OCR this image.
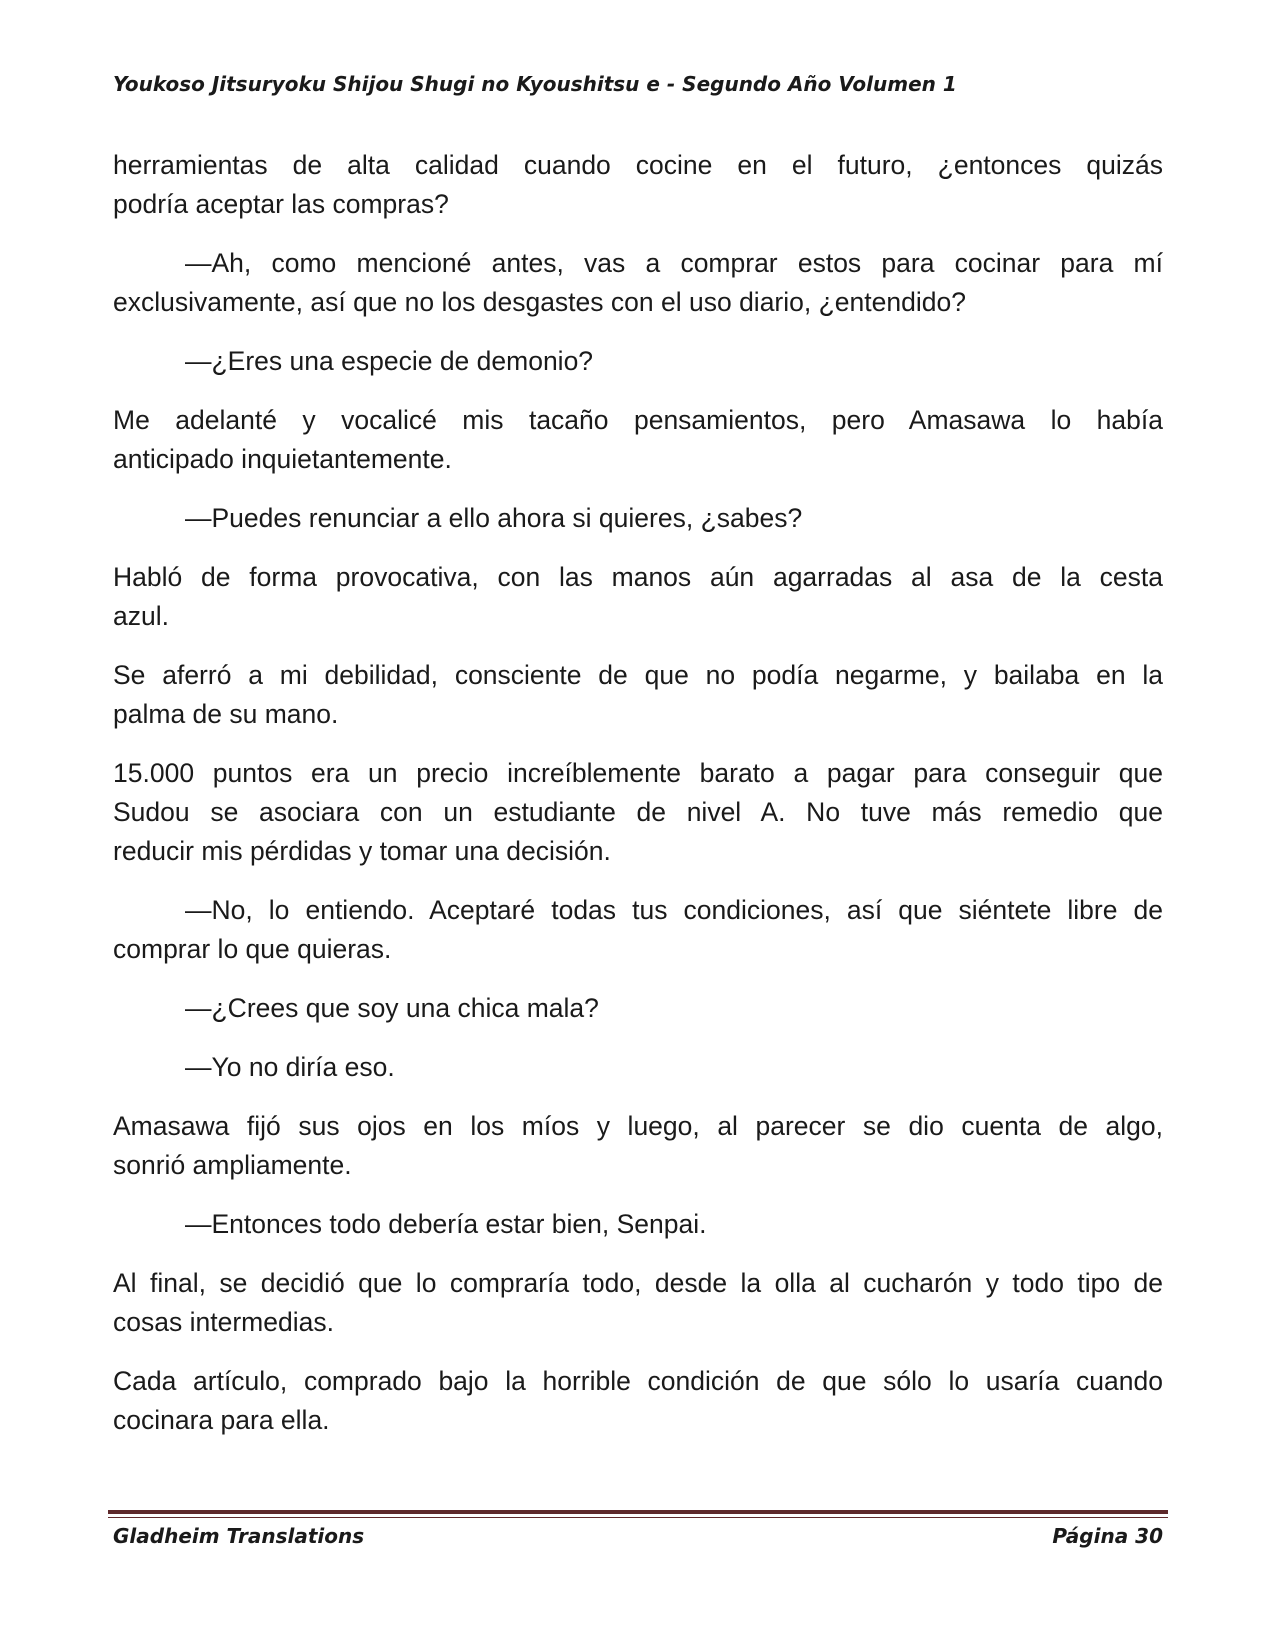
Youkoso Jitsuryoku Shijou Shugi no Kyoushitsu e - Segundo Año Volumen 1

herramientas de alta calidad cuando cocine en el futuro, ¿entonces quizás
podría aceptar las compras?

—Ah, como mencioné antes, vas a comprar estos para cocinar para mí
exclusivamente, así que no los desgastes con el uso diario, ¿entendido?

—¿Eres una especie de demonio?

Me adelanté y vocalicé mis tacaño pensamientos, pero Amasawa lo había
anticipado inquietantemente.

—Puedes renunciar a ello ahora si quieres, ¿sabes?

Habló de forma provocativa, con las manos aún agarradas al asa de la cesta
azul.

Se aferró a mi debilidad, consciente de que no podía negarme, y bailaba en la
palma de su mano.

15.000 puntos era un precio increíblemente barato a pagar para conseguir que
Sudou se asociara con un estudiante de nivel A. No tuve más remedio que
reducir mis pérdidas y tomar una decisión.

—No, lo entiendo. Aceptaré todas tus condiciones, así que siéntete libre de
comprar lo que quieras.

—¿Crees que soy una chica mala?

—Yo no diría eso.

Amasawa fijó sus ojos en los míos y luego, al parecer se dio cuenta de algo,
sonrió ampliamente.

—Entonces todo debería estar bien, Senpai.

Al final, se decidió que lo compraría todo, desde la olla al cucharón y todo tipo de
cosas intermedias.

Cada artículo, comprado bajo la horrible condición de que sólo lo usaría cuando
cocinara para ella.

Gladheim Translations	Página 30
